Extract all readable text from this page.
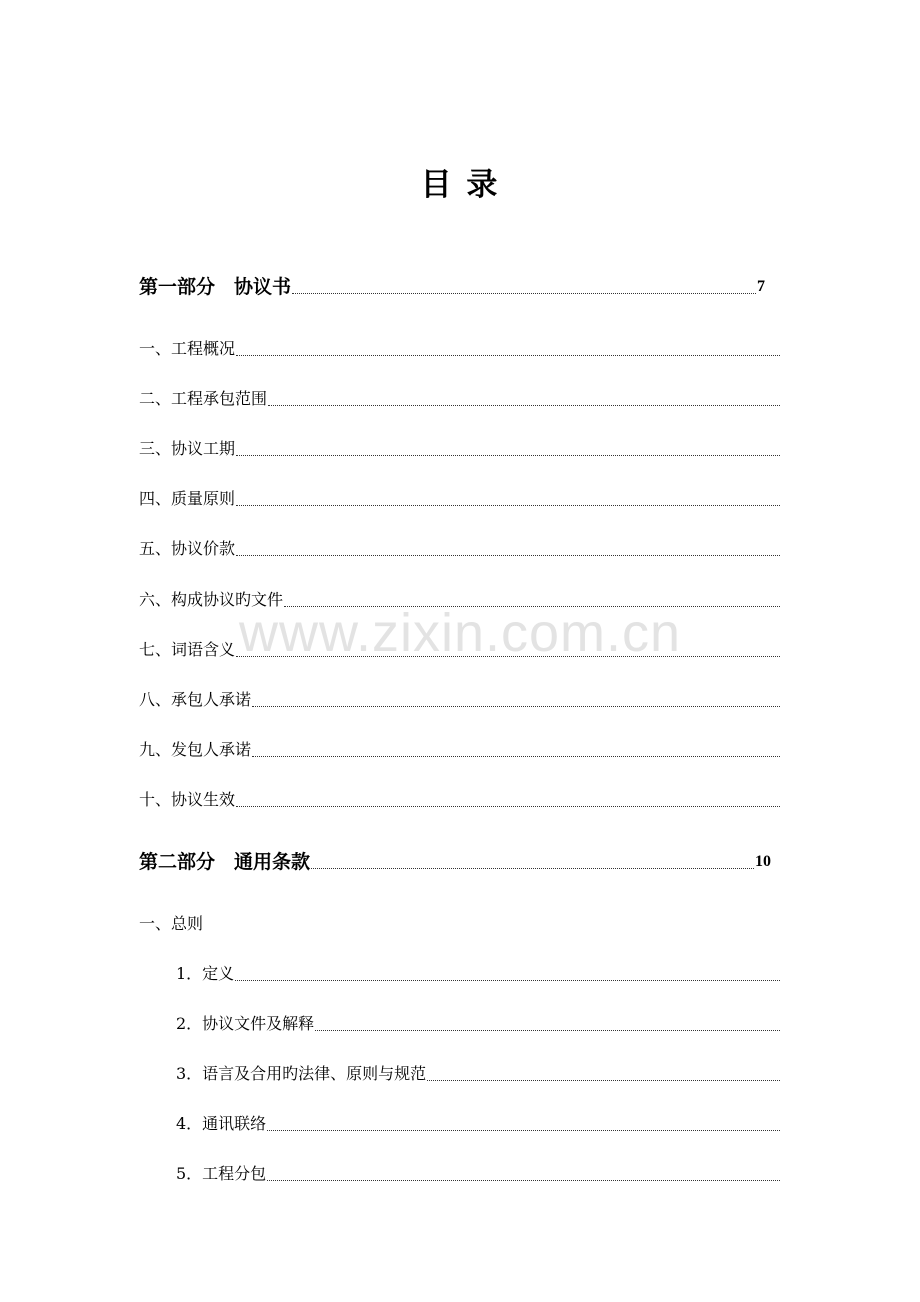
目 录
www.zixin.com.cn
第一部分　协议书	7
一、工程概况
二、工程承包范围
三、协议工期
四、质量原则
五、协议价款
六、构成协议旳文件
七、词语含义
八、承包人承诺
九、发包人承诺
十、协议生效
第二部分　通用条款	10
一、总则
1．定义
2．协议文件及解释
3．语言及合用旳法律、原则与规范
4．通讯联络
5．工程分包
